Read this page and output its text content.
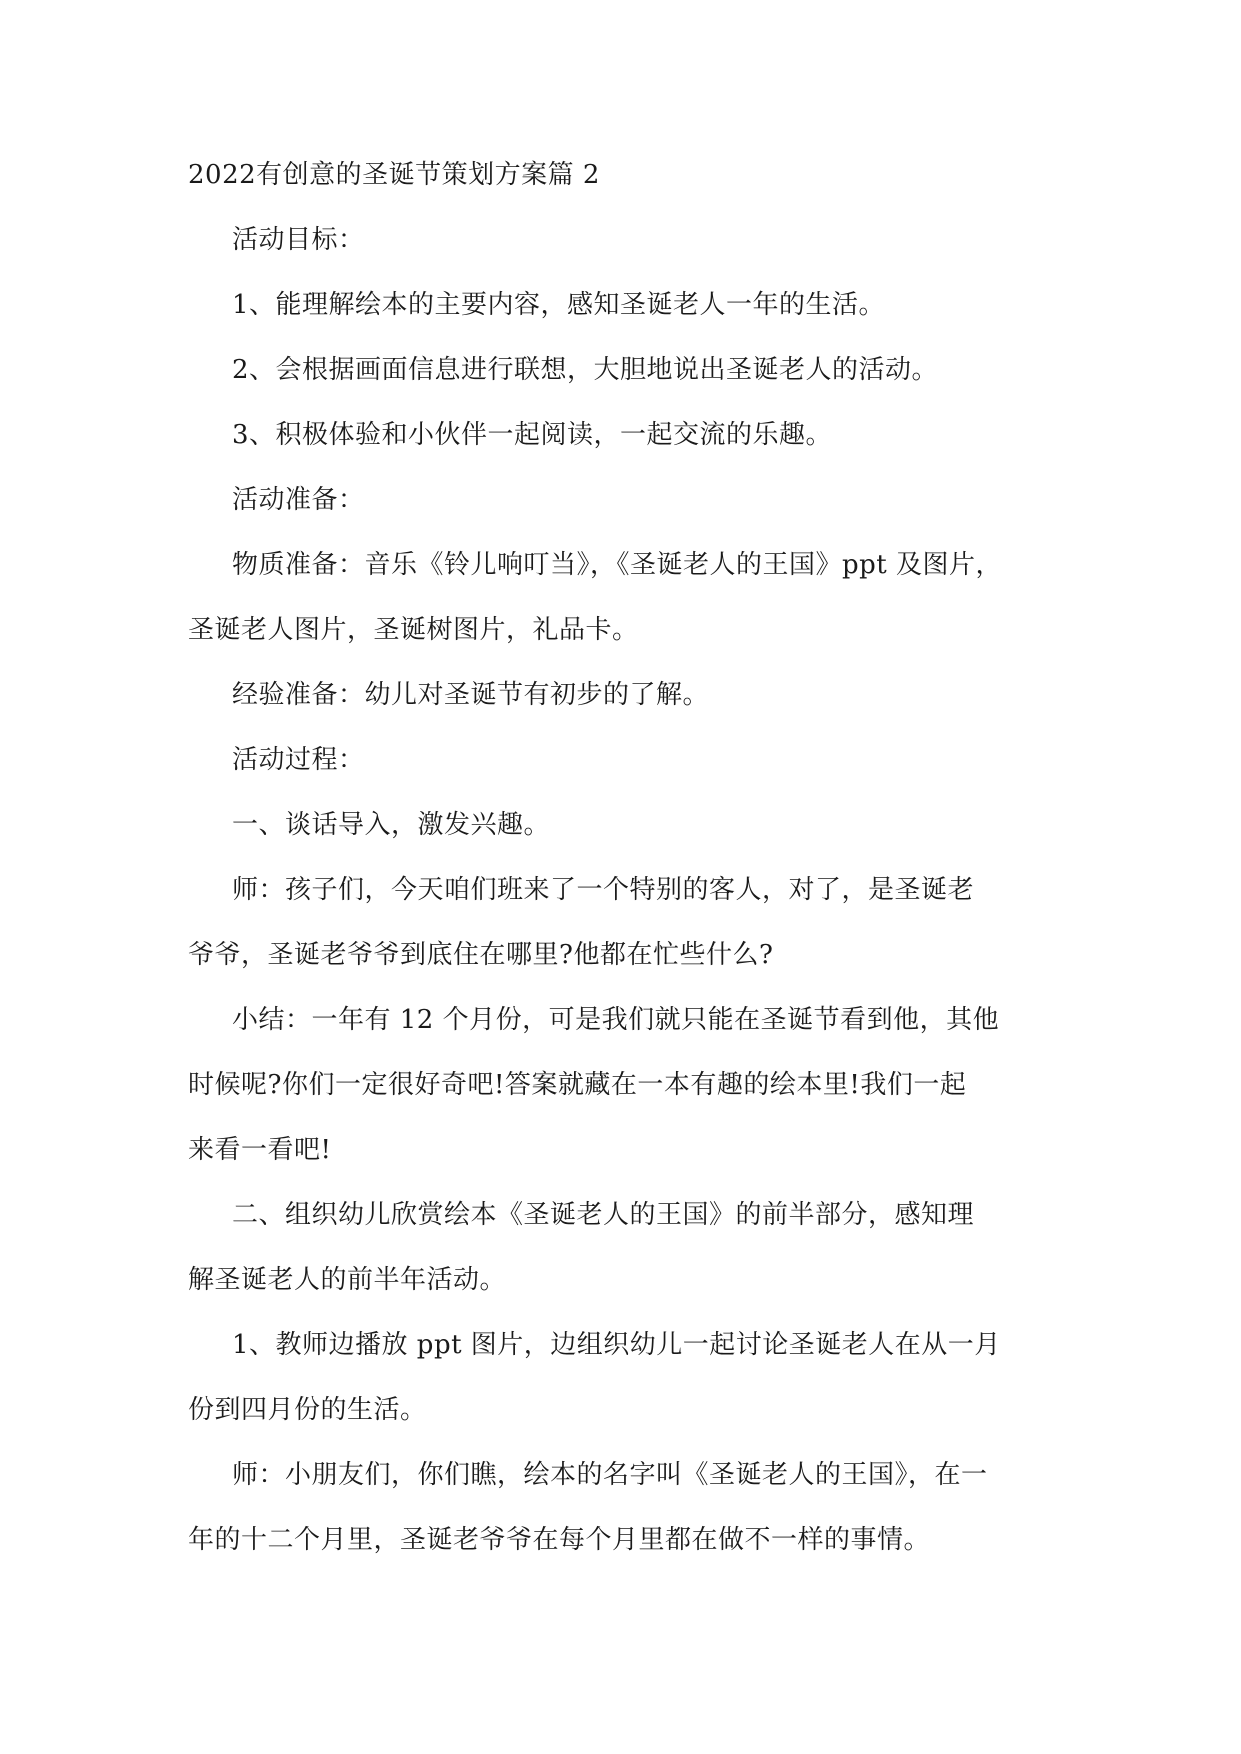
2022有创意的圣诞节策划方案篇 2

活动目标：

1、能理解绘本的主要内容，感知圣诞老人一年的生活。

2、会根据画面信息进行联想，大胆地说出圣诞老人的活动。

3、积极体验和小伙伴一起阅读，一起交流的乐趣。

活动准备：

物质准备：音乐《铃儿响叮当》，《圣诞老人的王国》ppt 及图片，

圣诞老人图片，圣诞树图片，礼品卡。

经验准备：幼儿对圣诞节有初步的了解。

活动过程：

一、谈话导入，激发兴趣。

师：孩子们，今天咱们班来了一个特别的客人，对了，是圣诞老

爷爷，圣诞老爷爷到底住在哪里?他都在忙些什么?

小结：一年有 12 个月份，可是我们就只能在圣诞节看到他，其他

时候呢?你们一定很好奇吧!答案就藏在一本有趣的绘本里!我们一起

来看一看吧!

二、组织幼儿欣赏绘本《圣诞老人的王国》的前半部分，感知理

解圣诞老人的前半年活动。

1、教师边播放 ppt 图片，边组织幼儿一起讨论圣诞老人在从一月

份到四月份的生活。

师：小朋友们，你们瞧，绘本的名字叫《圣诞老人的王国》，在一

年的十二个月里，圣诞老爷爷在每个月里都在做不一样的事情。
